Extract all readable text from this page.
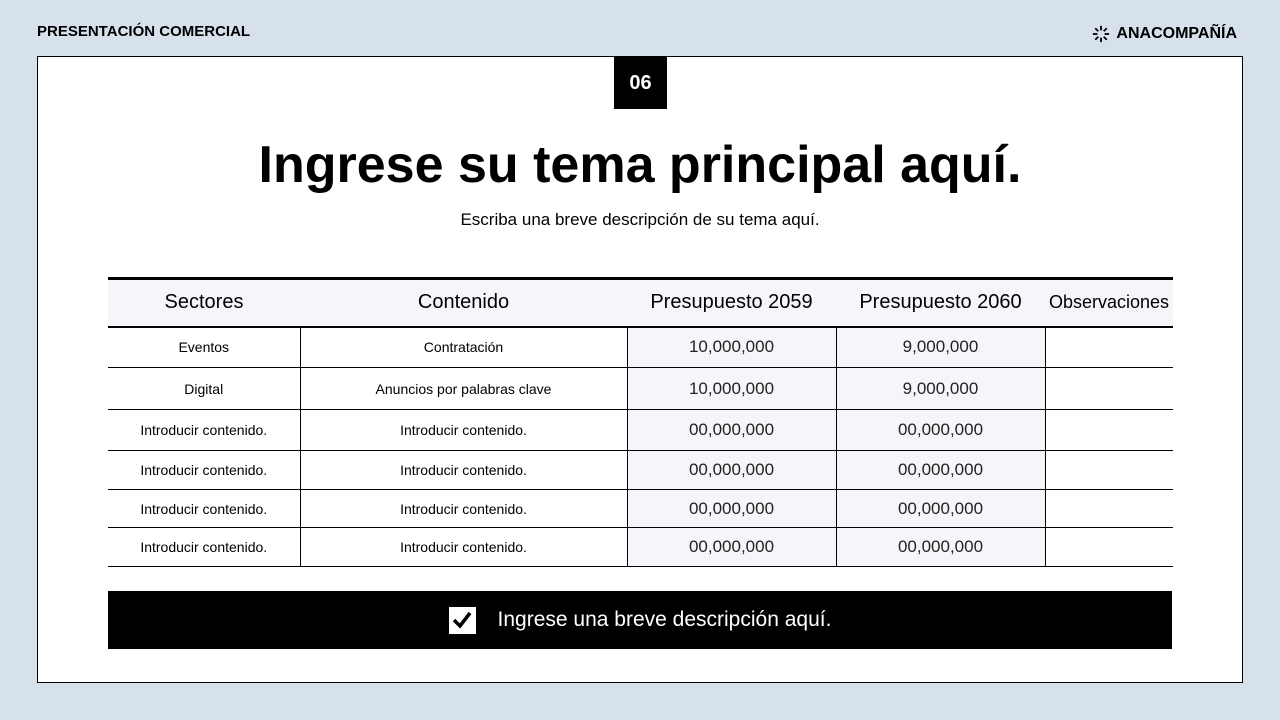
PRESENTACIÓN COMERCIAL	ANACOMPAÑÍA
06
Ingrese su tema principal aquí.
Escriba una breve descripción de su tema aquí.
Sectores	Contenido	Presupuesto 2059	Presupuesto 2060	Observaciones
Eventos	Contratación	10,000,000	9,000,000	
Digital	Anuncios por palabras clave	10,000,000	9,000,000	
Introducir contenido.	Introducir contenido.	00,000,000	00,000,000	
Introducir contenido.	Introducir contenido.	00,000,000	00,000,000	
Introducir contenido.	Introducir contenido.	00,000,000	00,000,000	
Introducir contenido.	Introducir contenido.	00,000,000	00,000,000	
Ingrese una breve descripción aquí.
